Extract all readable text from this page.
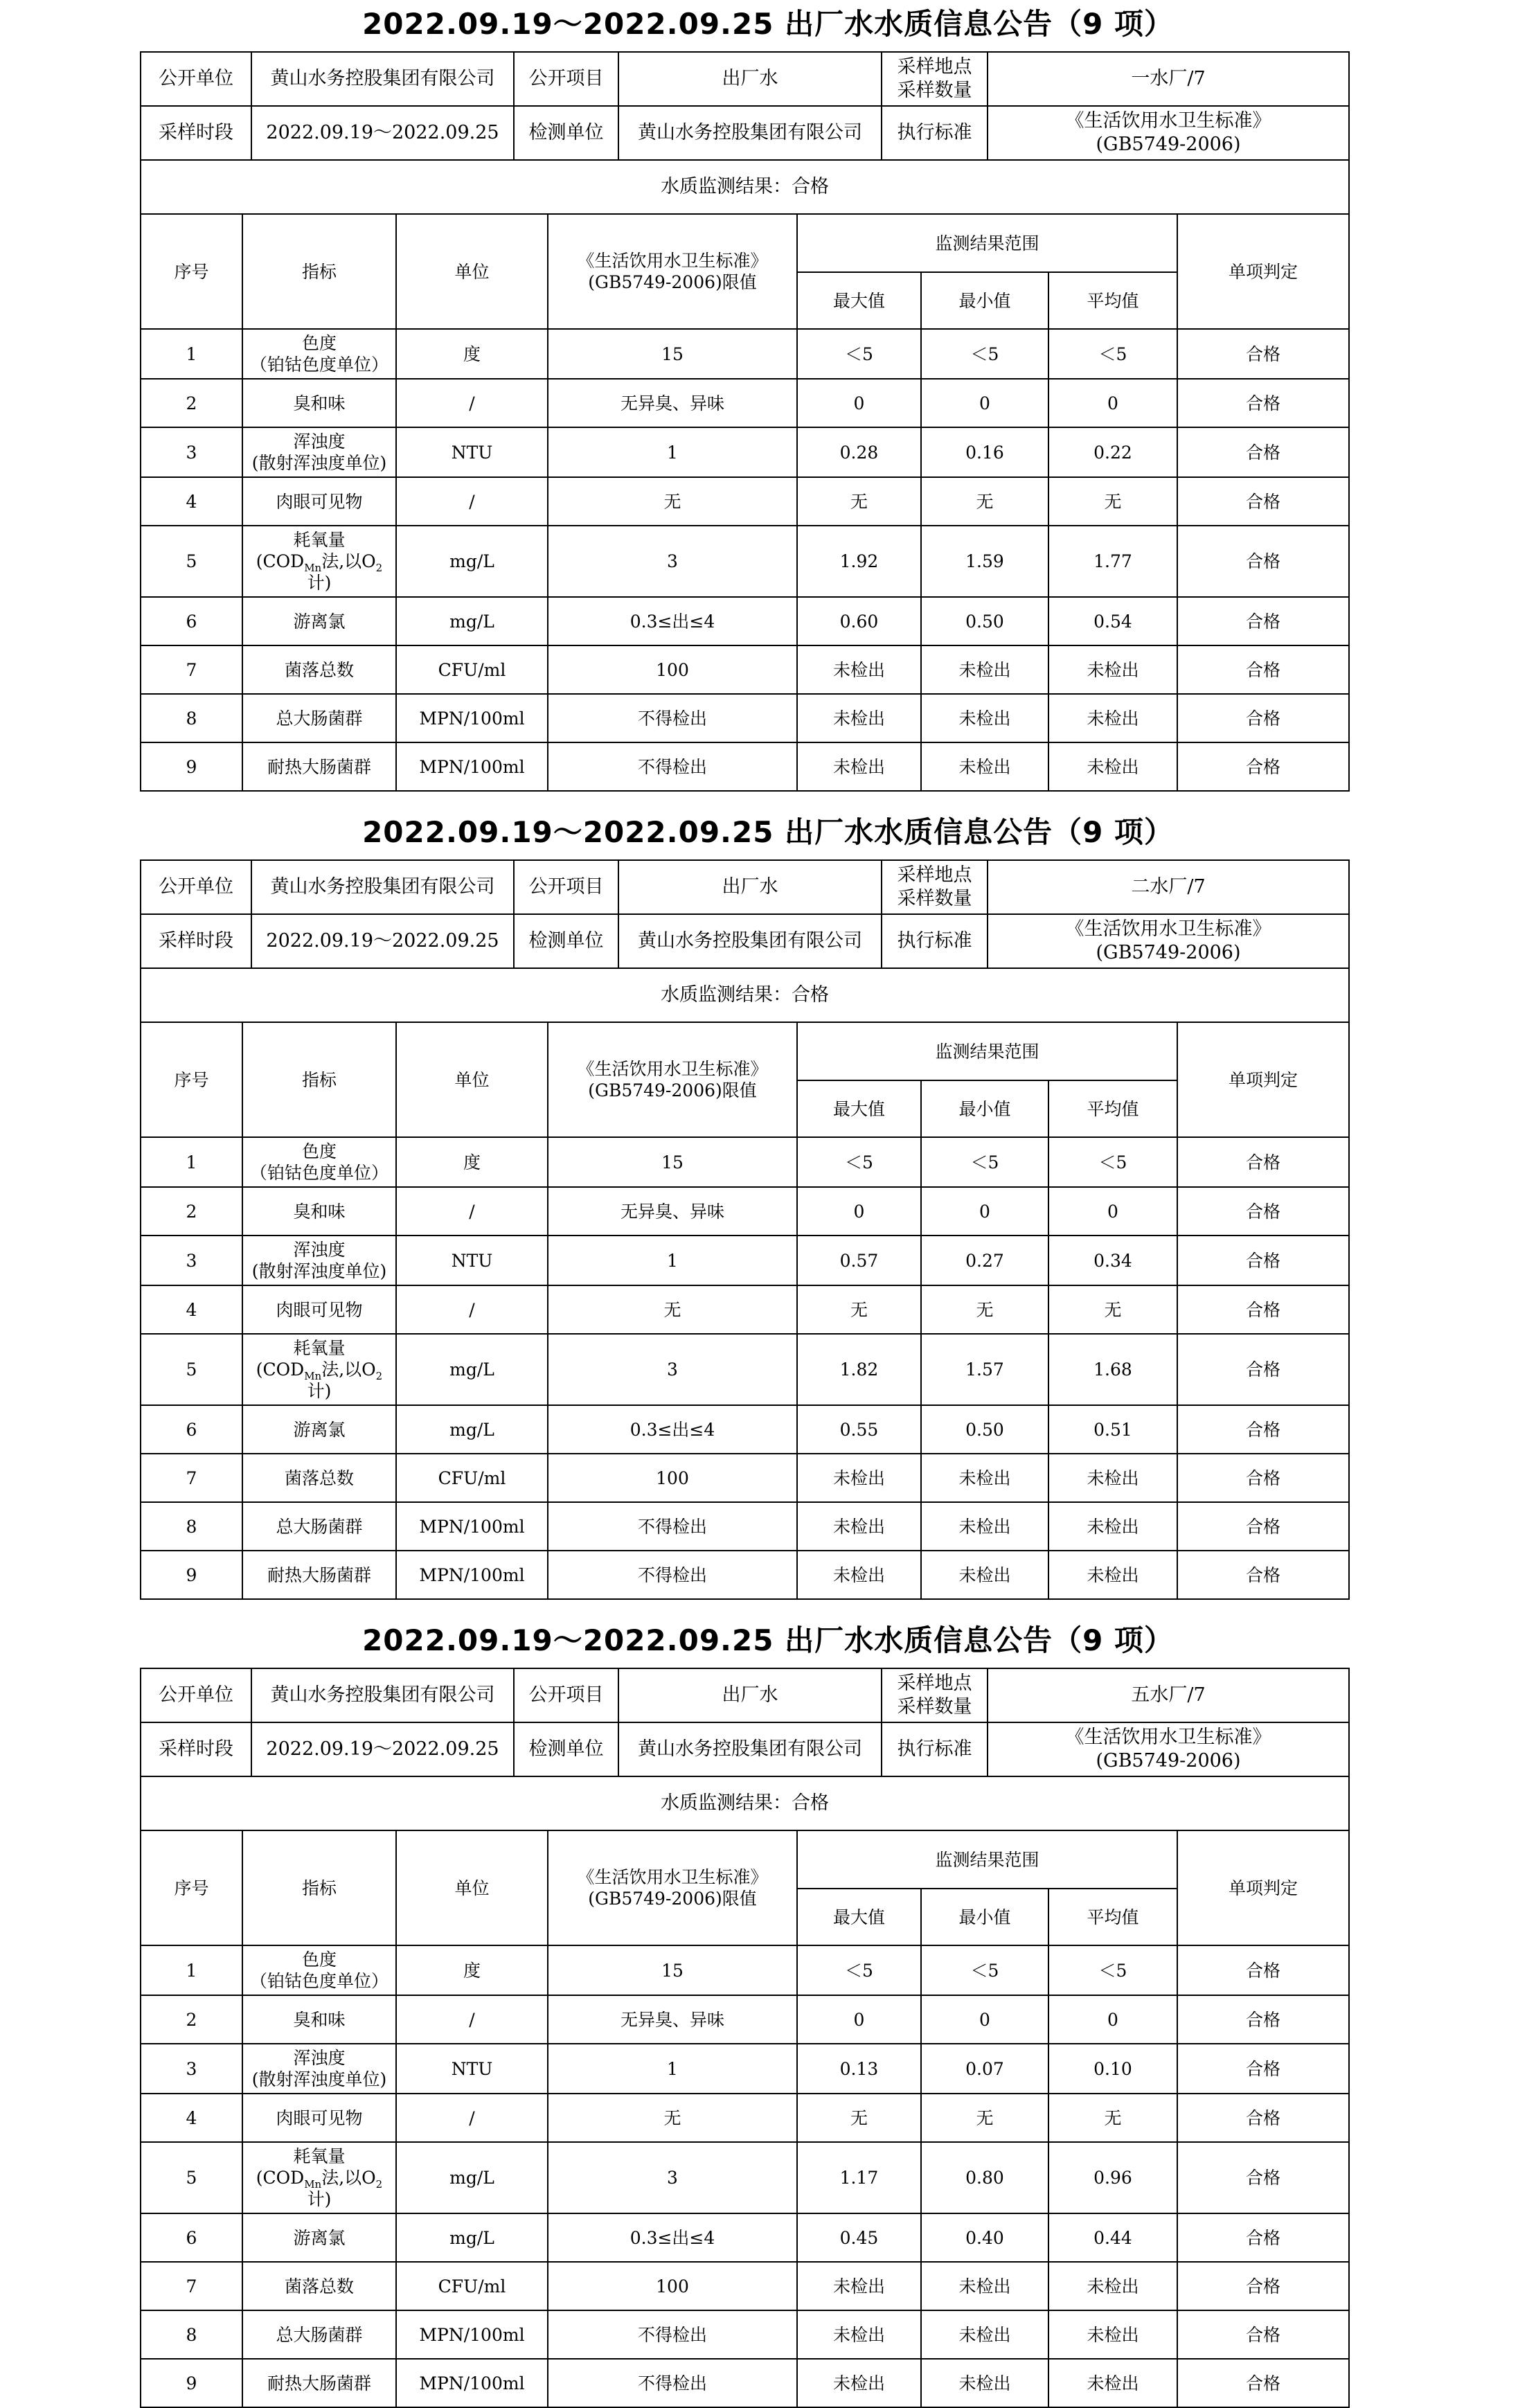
2022.09.19～2022.09.25 出厂水水质信息公告（9 项）
公开单位	黄山水务控股集团有限公司	公开项目	出厂水	采样地点
采样数量	一水厂/7
采样时段	2022.09.19～2022.09.25	检测单位	黄山水务控股集团有限公司	执行标准	《生活饮用水卫生标准》
(GB5749-2006)
水质监测结果：合格					
序号	指标	单位	《生活饮用水卫生标准》
(GB5749-2006)限值	监测结果范围			单项判定
				最大值	最小值	平均值	
1	色度
（铂钴色度单位）	度	15	＜5	＜5	＜5	合格
2	臭和味	/	无异臭、异味	0	0	0	合格
3	浑浊度
(散射浑浊度单位)	NTU	1	0.28	0.16	0.22	合格
4	肉眼可见物	/	无	无	无	无	合格
5	耗氧量
($COD_{Mn}$法,以$O_2$计)	mg/L	3	1.92	1.59	1.77	合格
6	游离氯	mg/L	0.3≤出≤4	0.60	0.50	0.54	合格
7	菌落总数	CFU/ml	100	未检出	未检出	未检出	合格
8	总大肠菌群	MPN/100ml	不得检出	未检出	未检出	未检出	合格
9	耐热大肠菌群	MPN/100ml	不得检出	未检出	未检出	未检出	合格
2022.09.19～2022.09.25 出厂水水质信息公告（9 项）
公开单位	黄山水务控股集团有限公司	公开项目	出厂水	采样地点
采样数量	二水厂/7
采样时段	2022.09.19～2022.09.25	检测单位	黄山水务控股集团有限公司	执行标准	《生活饮用水卫生标准》
(GB5749-2006)
水质监测结果：合格					
序号	指标	单位	《生活饮用水卫生标准》
(GB5749-2006)限值	监测结果范围			单项判定
				最大值	最小值	平均值	
1	色度
（铂钴色度单位）	度	15	＜5	＜5	＜5	合格
2	臭和味	/	无异臭、异味	0	0	0	合格
3	浑浊度
(散射浑浊度单位)	NTU	1	0.57	0.27	0.34	合格
4	肉眼可见物	/	无	无	无	无	合格
5	耗氧量
($COD_{Mn}$法,以$O_2$计)	mg/L	3	1.82	1.57	1.68	合格
6	游离氯	mg/L	0.3≤出≤4	0.55	0.50	0.51	合格
7	菌落总数	CFU/ml	100	未检出	未检出	未检出	合格
8	总大肠菌群	MPN/100ml	不得检出	未检出	未检出	未检出	合格
9	耐热大肠菌群	MPN/100ml	不得检出	未检出	未检出	未检出	合格
2022.09.19～2022.09.25 出厂水水质信息公告（9 项）
公开单位	黄山水务控股集团有限公司	公开项目	出厂水	采样地点
采样数量	五水厂/7
采样时段	2022.09.19～2022.09.25	检测单位	黄山水务控股集团有限公司	执行标准	《生活饮用水卫生标准》
(GB5749-2006)
水质监测结果：合格					
序号	指标	单位	《生活饮用水卫生标准》
(GB5749-2006)限值	监测结果范围			单项判定
				最大值	最小值	平均值	
1	色度
（铂钴色度单位）	度	15	＜5	＜5	＜5	合格
2	臭和味	/	无异臭、异味	0	0	0	合格
3	浑浊度
(散射浑浊度单位)	NTU	1	0.13	0.07	0.10	合格
4	肉眼可见物	/	无	无	无	无	合格
5	耗氧量
($COD_{Mn}$法,以$O_2$计)	mg/L	3	1.17	0.80	0.96	合格
6	游离氯	mg/L	0.3≤出≤4	0.45	0.40	0.44	合格
7	菌落总数	CFU/ml	100	未检出	未检出	未检出	合格
8	总大肠菌群	MPN/100ml	不得检出	未检出	未检出	未检出	合格
9	耐热大肠菌群	MPN/100ml	不得检出	未检出	未检出	未检出	合格
